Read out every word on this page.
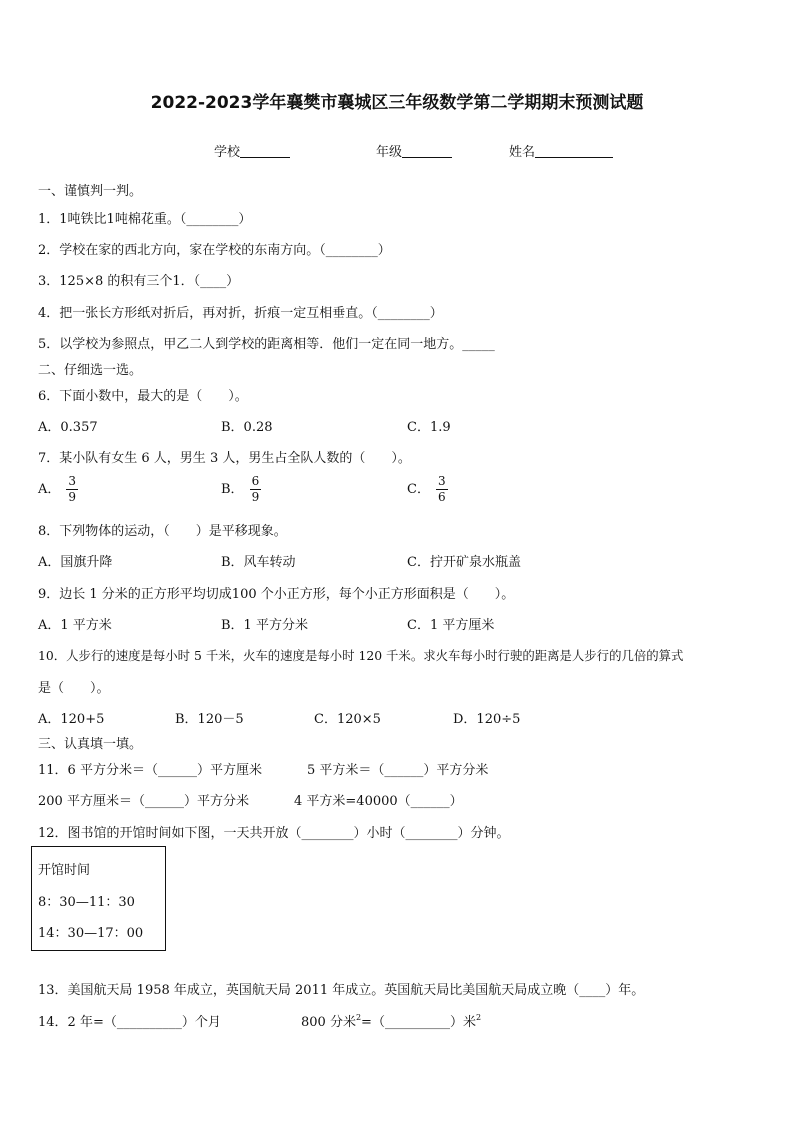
2022-2023学年襄樊市襄城区三年级数学第二学期期末预测试题
学校	年级	姓名
一、谨慎判一判。
1．1吨铁比1吨棉花重。（________）
2．学校在家的西北方向，家在学校的东南方向。（________）
3．125×8 的积有三个1．（____）
4．把一张长方形纸对折后，再对折，折痕一定互相垂直。（________）
5．以学校为参照点，甲乙二人到学校的距离相等．他们一定在同一地方。_____
二、仔细选一选。
6．下面小数中，最大的是（　　）。
A．0.357	B．0.28	C．1.9
7．某小队有女生 6 人，男生 3 人，男生占全队人数的（　　）。
A． $\frac{3}{9}$	B． $\frac{6}{9}$	C． $\frac{3}{6}$
8．下列物体的运动，（　　）是平移现象。
A．国旗升降	B．风车转动	C．拧开矿泉水瓶盖
9．边长 1 分米的正方形平均切成100 个小正方形，每个小正方形面积是（　　）。
A．1 平方米	B．1 平方分米	C．1 平方厘米
10．人步行的速度是每小时 5 千米，火车的速度是每小时 120 千米。求火车每小时行驶的距离是人步行的几倍的算式
是（　　）。
A．120+5	B．120－5	C．120×5	D．120÷5
三、认真填一填。
11．6 平方分米＝（______）平方厘米	5 平方米＝（______）平方分米
200 平方厘米＝（______）平方分米	4 平方米=40000（______）
12．图书馆的开馆时间如下图，一天共开放（________）小时（________）分钟。
开馆时间
8：30—11：30
14：30—17：00
13．美国航天局 1958 年成立，英国航天局 2011 年成立。英国航天局比美国航天局成立晚（____）年。
14．2 年=（__________）个月	800 分米$^2$=（__________）米$^2$
